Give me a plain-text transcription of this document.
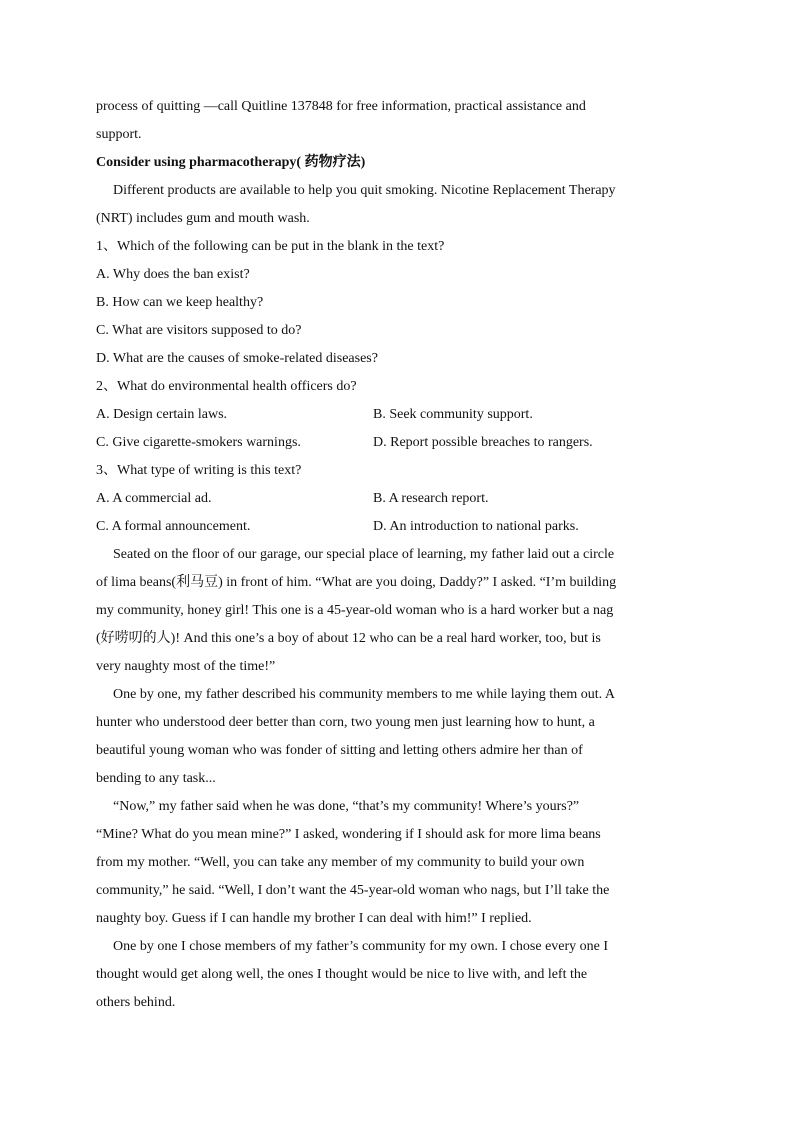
process of quitting —call Quitline 137848 for free information, practical assistance and
support.
Consider using pharmacotherapy( 药物疗法)
Different products are available to help you quit smoking. Nicotine Replacement Therapy
(NRT) includes gum and mouth wash.
1、Which of the following can be put in the blank in the text?
A. Why does the ban exist?
B. How can we keep healthy?
C. What are visitors supposed to do?
D. What are the causes of smoke-related diseases?
2、What do environmental health officers do?
A. Design certain laws.	B. Seek community support.
C. Give cigarette-smokers warnings.	D. Report possible breaches to rangers.
3、What type of writing is this text?
A. A commercial ad.	B. A research report.
C. A formal announcement.	D. An introduction to national parks.
Seated on the floor of our garage, our special place of learning, my father laid out a circle
of lima beans(利马豆) in front of him. “What are you doing, Daddy?” I asked. “I’m building
my community, honey girl! This one is a 45-year-old woman who is a hard worker but a nag
(好唠叨的人)! And this one’s a boy of about 12 who can be a real hard worker, too, but is
very naughty most of the time!”
One by one, my father described his community members to me while laying them out. A
hunter who understood deer better than corn, two young men just learning how to hunt, a
beautiful young woman who was fonder of sitting and letting others admire her than of
bending to any task...
“Now,” my father said when he was done, “that’s my community! Where’s yours?”
“Mine? What do you mean mine?” I asked, wondering if I should ask for more lima beans
from my mother. “Well, you can take any member of my community to build your own
community,” he said. “Well, I don’t want the 45-year-old woman who nags, but I’ll take the
naughty boy. Guess if I can handle my brother I can deal with him!” I replied.
One by one I chose members of my father’s community for my own. I chose every one I
thought would get along well, the ones I thought would be nice to live with, and left the
others behind.
